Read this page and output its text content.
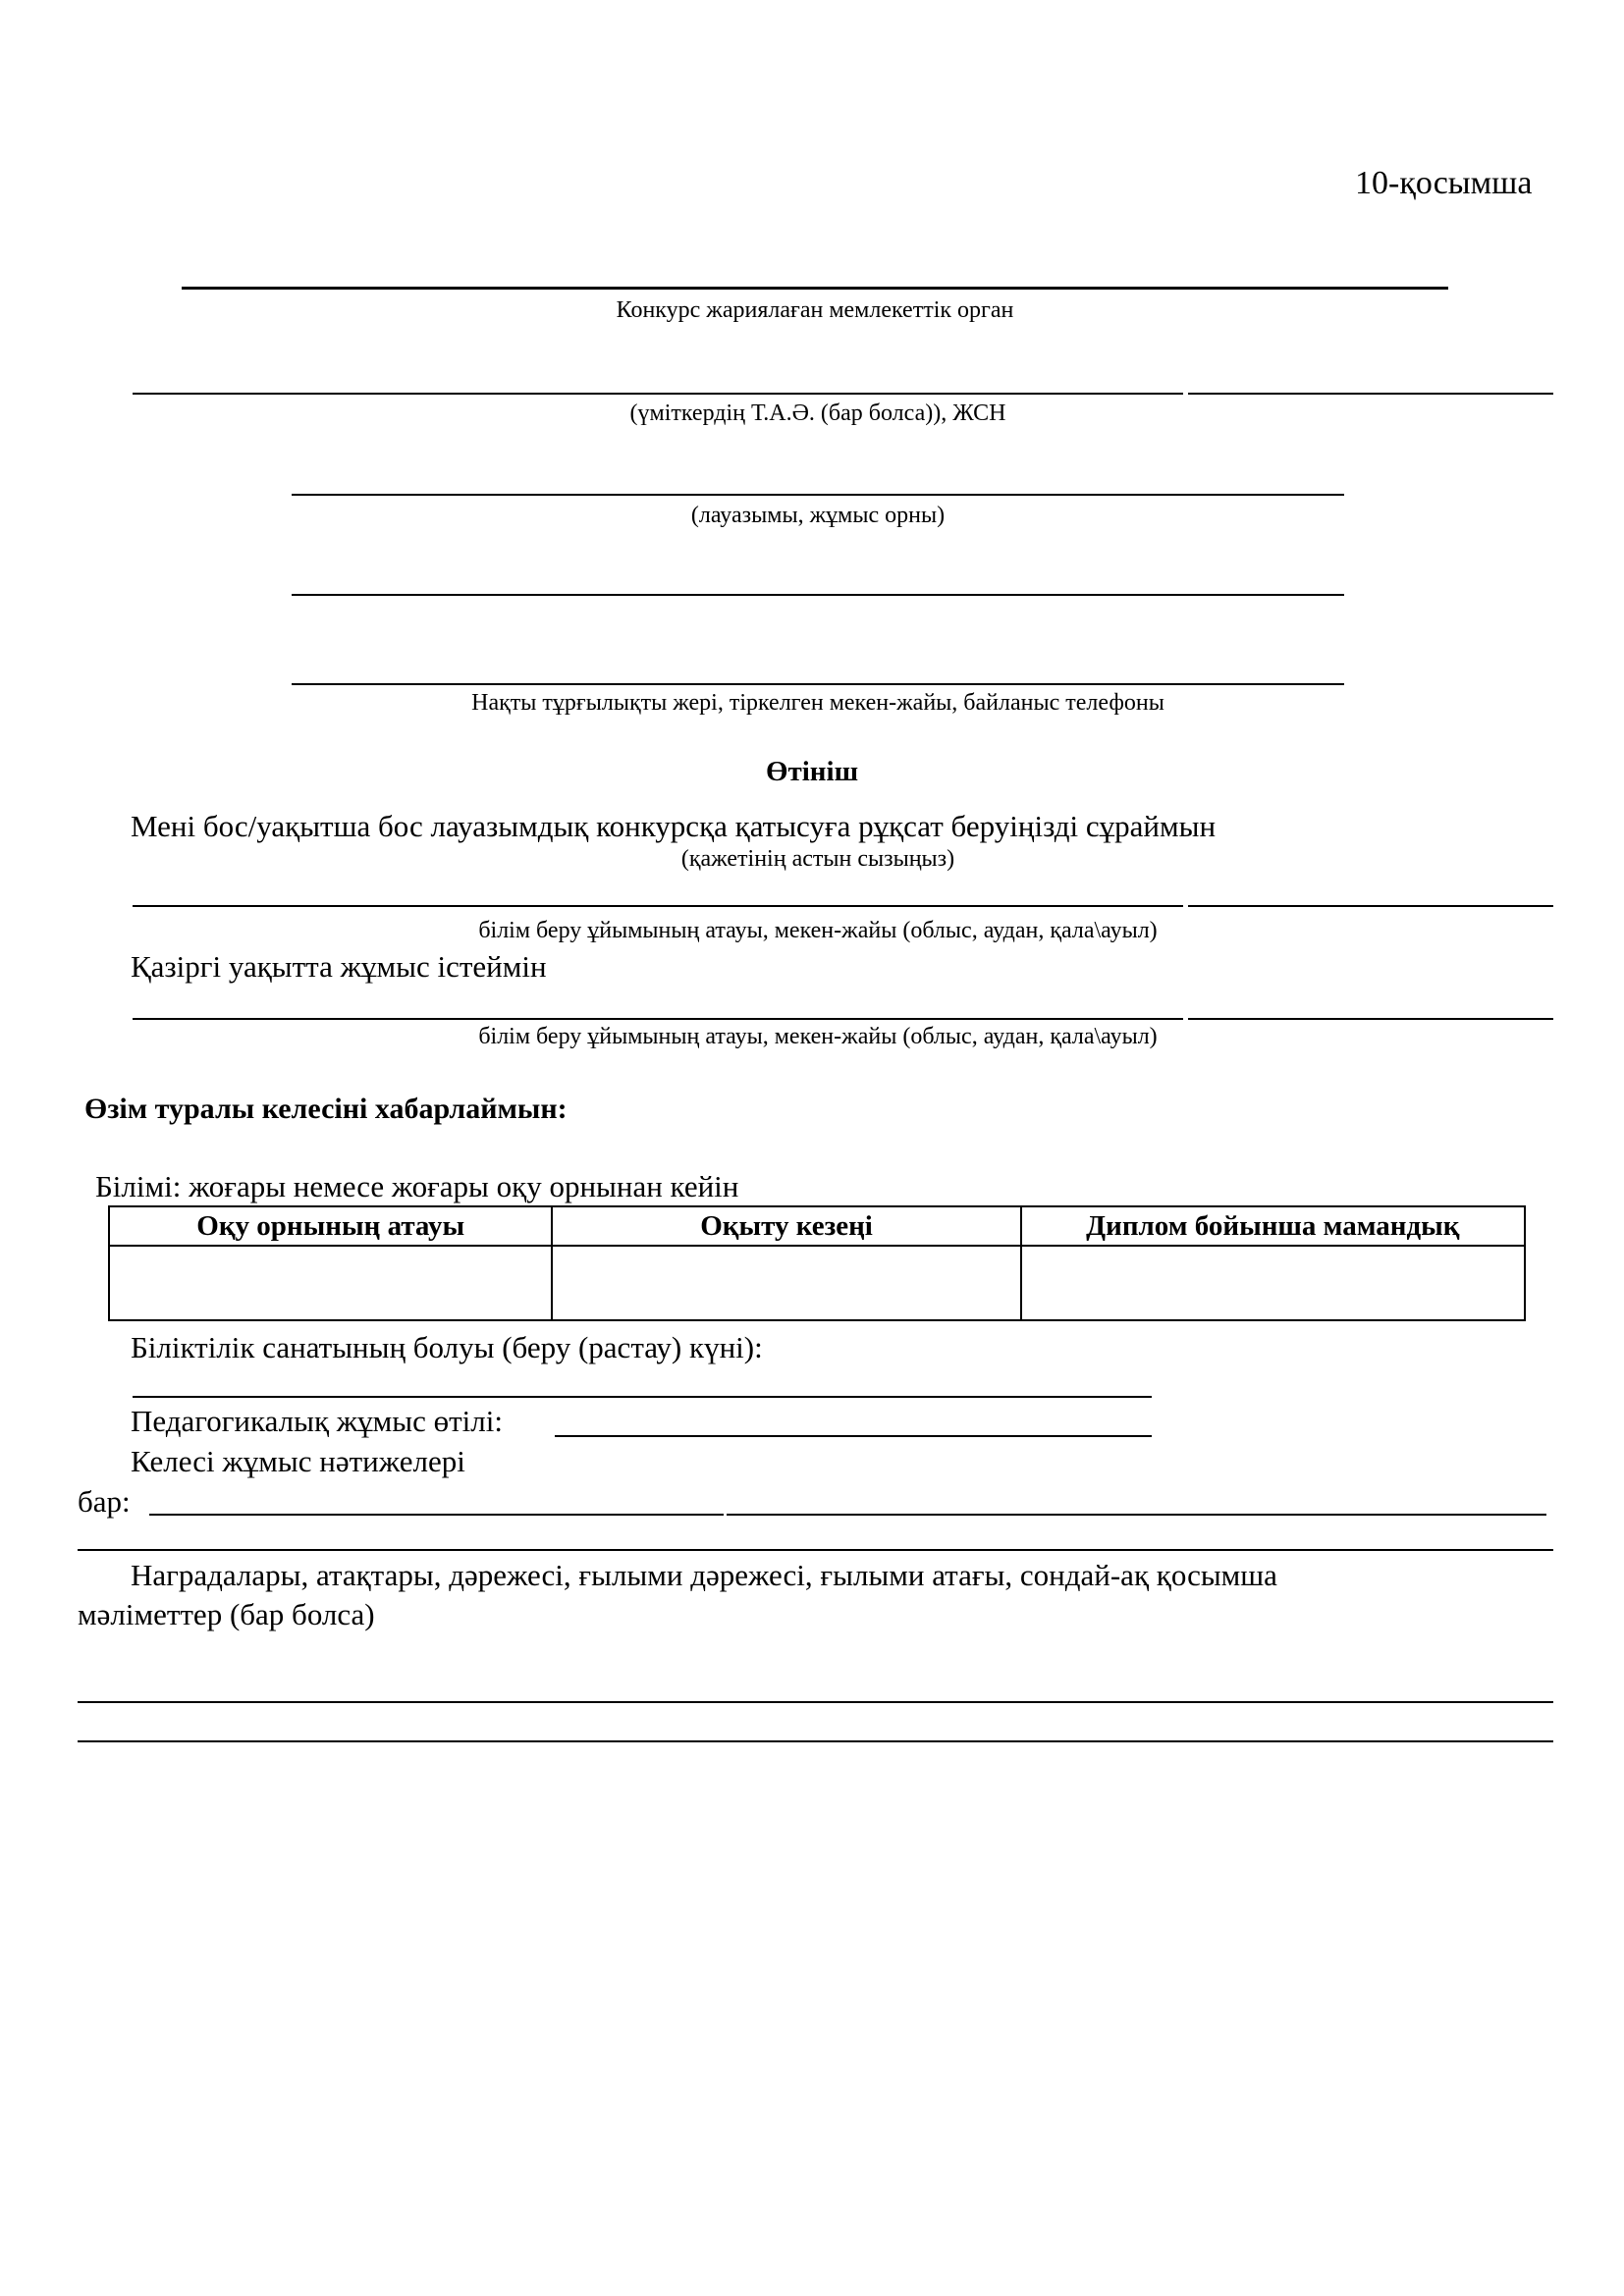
10-қосымша
Конкурс жариялаған мемлекеттік орган
(үміткердің Т.А.Ә. (бар болса)), ЖСН
(лауазымы, жұмыс орны)
Нақты тұрғылықты жері, тіркелген мекен-жайы, байланыс телефоны
Өтініш
Мені бос/уақытша бос лауазымдық конкурсқа қатысуға рұқсат беруіңізді сұраймын
(қажетінің астын сызыңыз)
білім беру ұйымының атауы, мекен-жайы (облыс, аудан, қала\ауыл)
Қазіргі уақытта жұмыс істеймін
білім беру ұйымының атауы, мекен-жайы (облыс, аудан, қала\ауыл)
Өзім туралы келесіні хабарлаймын:
Білімі: жоғары немесе жоғары оқу орнынан кейін
Оқу орнының атауы	Оқыту кезеңі	Диплом бойынша мамандық

Біліктілік санатының болуы (беру (растау) күні):
Педагогикалық жұмыс өтілі:
Келесі жұмыс нәтижелері
бар:
Наградалары, атақтары, дәрежесі, ғылыми дәрежесі, ғылыми атағы, сондай-ақ қосымша
мәліметтер (бар болса)
